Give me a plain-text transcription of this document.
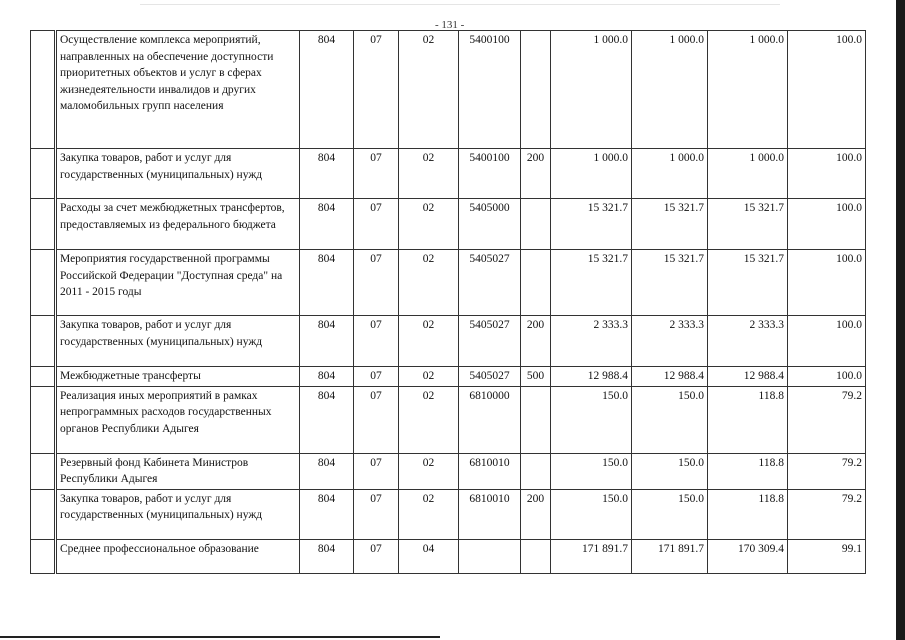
- 131 -
	Осуществление комплекса мероприятий, направленных на обеспечение доступности приоритетных объектов и услуг в сферах жизнедеятельности инвалидов и других маломобильных групп населения	804	07	02	5400100		1 000.0	1 000.0	1 000.0	100.0
	Закупка товаров, работ и услуг для государственных (муниципальных) нужд	804	07	02	5400100	200	1 000.0	1 000.0	1 000.0	100.0
	Расходы за счет межбюджетных трансфертов, предоставляемых из федерального бюджета	804	07	02	5405000		15 321.7	15 321.7	15 321.7	100.0
	Мероприятия государственной программы Российской Федерации "Доступная среда" на 2011 - 2015 годы	804	07	02	5405027		15 321.7	15 321.7	15 321.7	100.0
	Закупка товаров, работ и услуг для государственных (муниципальных) нужд	804	07	02	5405027	200	2 333.3	2 333.3	2 333.3	100.0
	Межбюджетные трансферты	804	07	02	5405027	500	12 988.4	12 988.4	12 988.4	100.0
	Реализация иных мероприятий в рамках непрограммных расходов государственных органов Республики Адыгея	804	07	02	6810000		150.0	150.0	118.8	79.2
	Резервный фонд Кабинета Министров Республики Адыгея	804	07	02	6810010		150.0	150.0	118.8	79.2
	Закупка товаров, работ и услуг для государственных (муниципальных) нужд	804	07	02	6810010	200	150.0	150.0	118.8	79.2
	Среднее профессиональное образование	804	07	04			171 891.7	171 891.7	170 309.4	99.1
